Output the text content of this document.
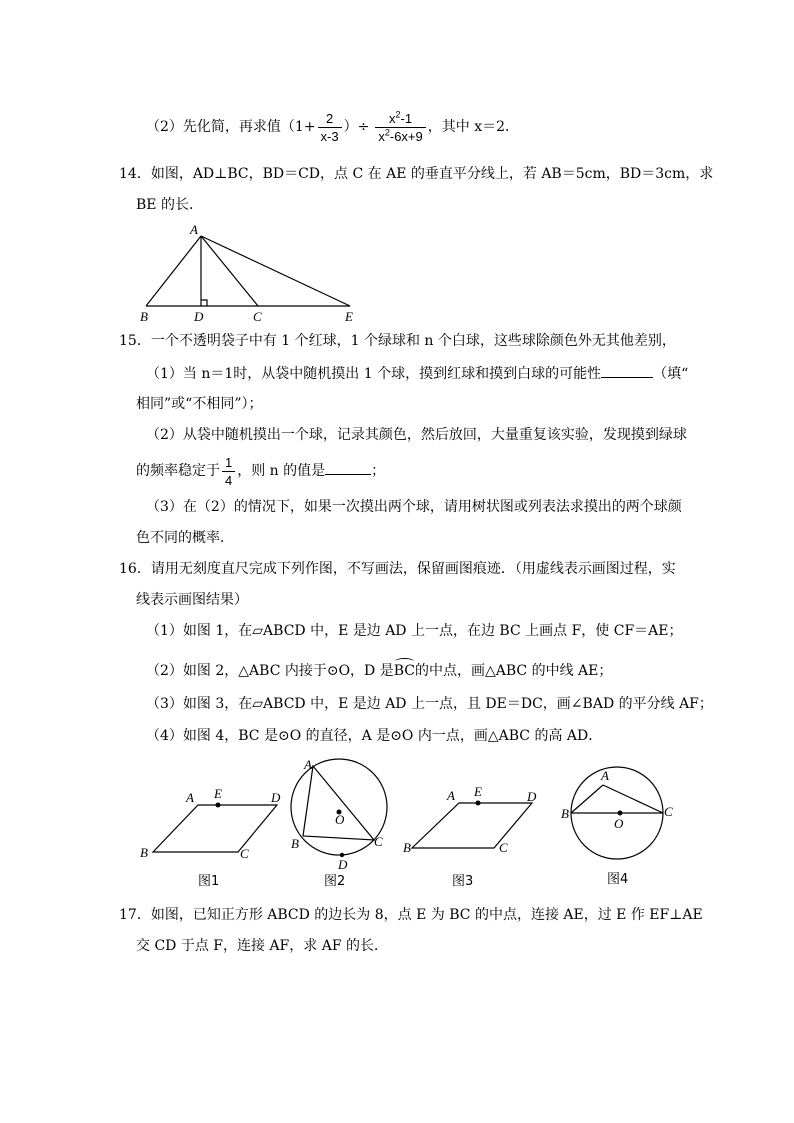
（2）先化简，再求值（$1+ \frac{2}{x-3}$ ）÷ $\frac{x^2-1}{x^2-6x+9}$ ，其中 x＝2．
14．如图，AD⊥BC，BD＝CD，点 C 在 AE 的垂直平分线上，若 AB＝5cm，BD＝3cm，求
BE 的长．
A
B	D	C	E
15．一个不透明袋子中有 1 个红球，1 个绿球和 n 个白球，这些球除颜色外无其他差别，
（1）当 n＝1时，从袋中随机摸出 1 个球，摸到红球和摸到白球的可能性	（填“
相同”或“不相同”）；
（2）从袋中随机摸出一个球，记录其颜色，然后放回，大量重复该实验，发现摸到绿球
的频率稳定于 $\frac{1}{4}$ ，则 n 的值是	；
（3）在（2）的情况下，如果一次摸出两个球，请用树状图或列表法求摸出的两个球颜
色不同的概率．
16．请用无刻度直尺完成下列作图，不写画法，保留画图痕迹．（用虚线表示画图过程，实
线表示画图结果）
（1）如图 1，在▱ABCD 中，E 是边 AD 上一点，在边 BC 上画点 F，使 CF＝AE；
（2）如图 2，△ABC 内接于⊙O，D 是BC的中点，画△ABC 的中线 AE；
（3）如图 3，在▱ABCD 中，E 是边 AD 上一点，且 DE＝DC，画∠BAD 的平分线 AF；
（4）如图 4，BC 是⊙O 的直径，A 是⊙O 内一点，画△ABC 的高 AD．
A E	D
B	C
图1
A
O
B	C
D
图2
A E	D
B	C
图3
A
B
O
C
图4
17．如图，已知正方形 ABCD 的边长为 8，点 E 为 BC 的中点，连接 AE，过 E 作 EF⊥AE
交 CD 于点 F，连接 AF，求 AF 的长．
